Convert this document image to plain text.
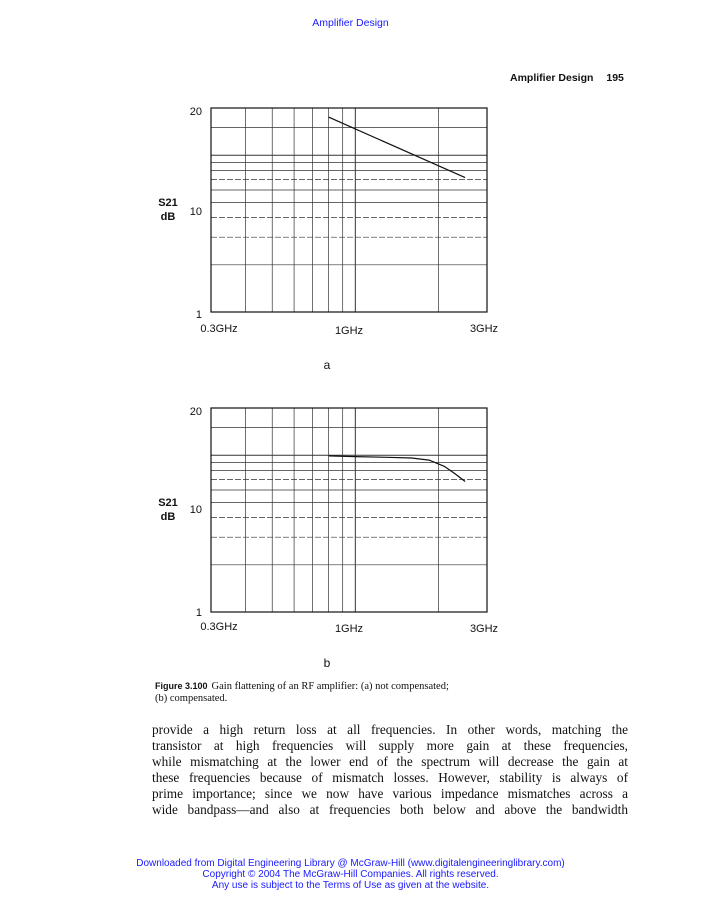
Amplifier Design
Amplifier Design 195
S21
dB
20
10
1
0.3GHz	1GHz	3GHz
a
S21
dB
20
10
1
0.3GHz	1GHz	3GHz
b
Figure 3.100 Gain flattening of an RF amplifier: (a) not compensated;
(b) compensated.
provide a high return loss at all frequencies. In other words, matching the
transistor at high frequencies will supply more gain at these frequencies,
while mismatching at the lower end of the spectrum will decrease the gain at
these frequencies because of mismatch losses. However, stability is always of
prime importance; since we now have various impedance mismatches across a
wide bandpass—and also at frequencies both below and above the bandwidth
Downloaded from Digital Engineering Library @ McGraw-Hill (www.digitalengineeringlibrary.com)
Copyright © 2004 The McGraw-Hill Companies. All rights reserved.
Any use is subject to the Terms of Use as given at the website.
